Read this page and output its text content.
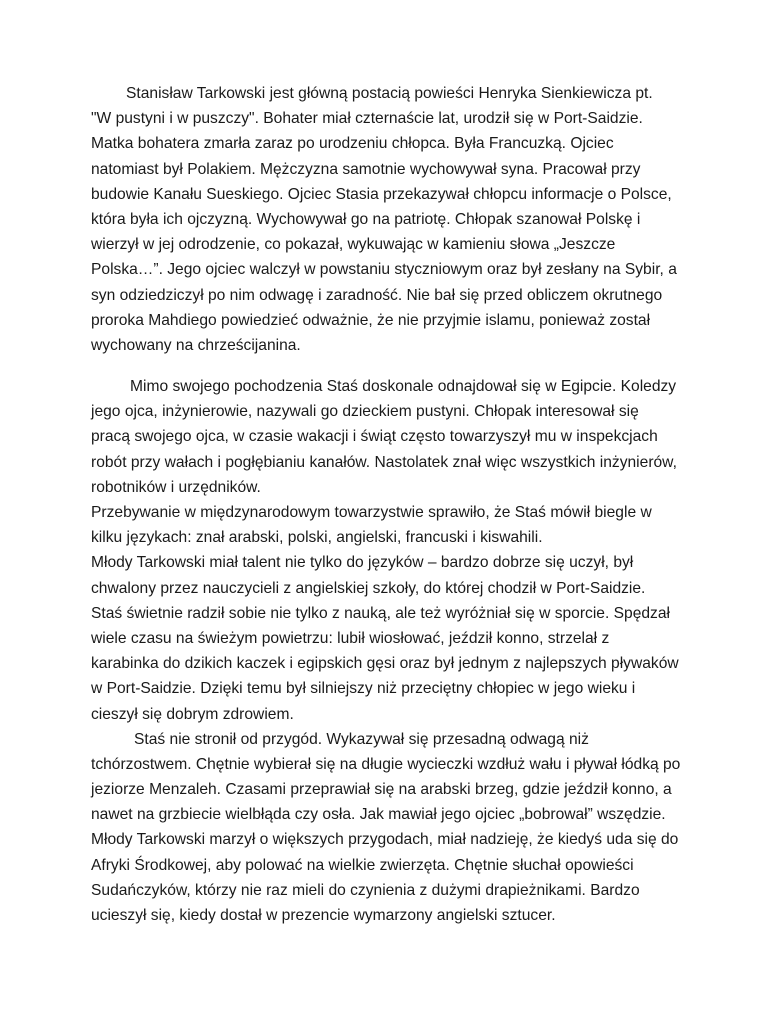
Stanisław Tarkowski jest główną postacią powieści Henryka Sienkiewicza pt.
"W pustyni i w puszczy". Bohater miał czternaście lat, urodził się w Port-Saidzie.
Matka bohatera zmarła zaraz po urodzeniu chłopca. Była Francuzką. Ojciec
natomiast był Polakiem. Mężczyzna samotnie wychowywał syna. Pracował przy
budowie Kanału Sueskiego. Ojciec Stasia przekazywał chłopcu informacje o Polsce,
która była ich ojczyzną. Wychowywał go na patriotę. Chłopak szanował Polskę i
wierzył w jej odrodzenie, co pokazał, wykuwając w kamieniu słowa „Jeszcze
Polska…”. Jego ojciec walczył w powstaniu styczniowym oraz był zesłany na Sybir, a
syn odziedziczył po nim odwagę i zaradność. Nie bał się przed obliczem okrutnego
proroka Mahdiego powiedzieć odważnie, że nie przyjmie islamu, ponieważ został
wychowany na chrześcijanina.
Mimo swojego pochodzenia Staś doskonale odnajdował się w Egipcie. Koledzy
jego ojca, inżynierowie, nazywali go dzieckiem pustyni. Chłopak interesował się
pracą swojego ojca, w czasie wakacji i świąt często towarzyszył mu w inspekcjach
robót przy wałach i pogłębianiu kanałów. Nastolatek znał więc wszystkich inżynierów,
robotników i urzędników.
Przebywanie w międzynarodowym towarzystwie sprawiło, że Staś mówił biegle w
kilku językach: znał arabski, polski, angielski, francuski i kiswahili.
Młody Tarkowski miał talent nie tylko do języków – bardzo dobrze się uczył, był
chwalony przez nauczycieli z angielskiej szkoły, do której chodził w Port-Saidzie.
Staś świetnie radził sobie nie tylko z nauką, ale też wyróżniał się w sporcie. Spędzał
wiele czasu na świeżym powietrzu: lubił wiosłować, jeździł konno, strzelał z
karabinka do dzikich kaczek i egipskich gęsi oraz był jednym z najlepszych pływaków
w Port-Saidzie. Dzięki temu był silniejszy niż przeciętny chłopiec w jego wieku i
cieszył się dobrym zdrowiem.
Staś nie stronił od przygód. Wykazywał się przesadną odwagą niż
tchórzostwem. Chętnie wybierał się na długie wycieczki wzdłuż wału i pływał łódką po
jeziorze Menzaleh. Czasami przeprawiał się na arabski brzeg, gdzie jeździł konno, a
nawet na grzbiecie wielbłąda czy osła. Jak mawiał jego ojciec „bobrował” wszędzie.
Młody Tarkowski marzył o większych przygodach, miał nadzieję, że kiedyś uda się do
Afryki Środkowej, aby polować na wielkie zwierzęta. Chętnie słuchał opowieści
Sudańczyków, którzy nie raz mieli do czynienia z dużymi drapieżnikami. Bardzo
ucieszył się, kiedy dostał w prezencie wymarzony angielski sztucer.
